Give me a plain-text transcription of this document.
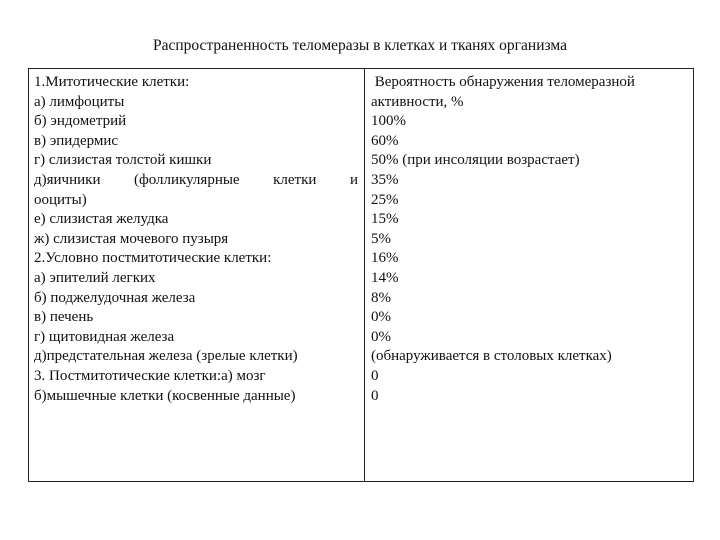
Распространенность теломеразы в клетках и тканях организма
1.Митотические клетки:
а) лимфоциты
б) эндометрий
в) эпидермис
г) слизистая толстой кишки
д)яичники (фолликулярные клетки и
ооциты)
е) слизистая желудка
ж) слизистая мочевого пузыря
2.Условно постмитотические клетки:
а) эпителий легких
б) поджелудочная железа
в) печень
г) щитовидная железа
д)предстательная железа (зрелые клетки)
3. Постмитотические клетки:а) мозг
б)мышечные клетки (косвенные данные)
Вероятность обнаружения теломеразной
активности, %
100%
60%
50% (при инсоляции возрастает)
35%
25%
15%
5%
16%
14%
8%
0%
0%
(обнаруживается в столовых клетках)
0
0
